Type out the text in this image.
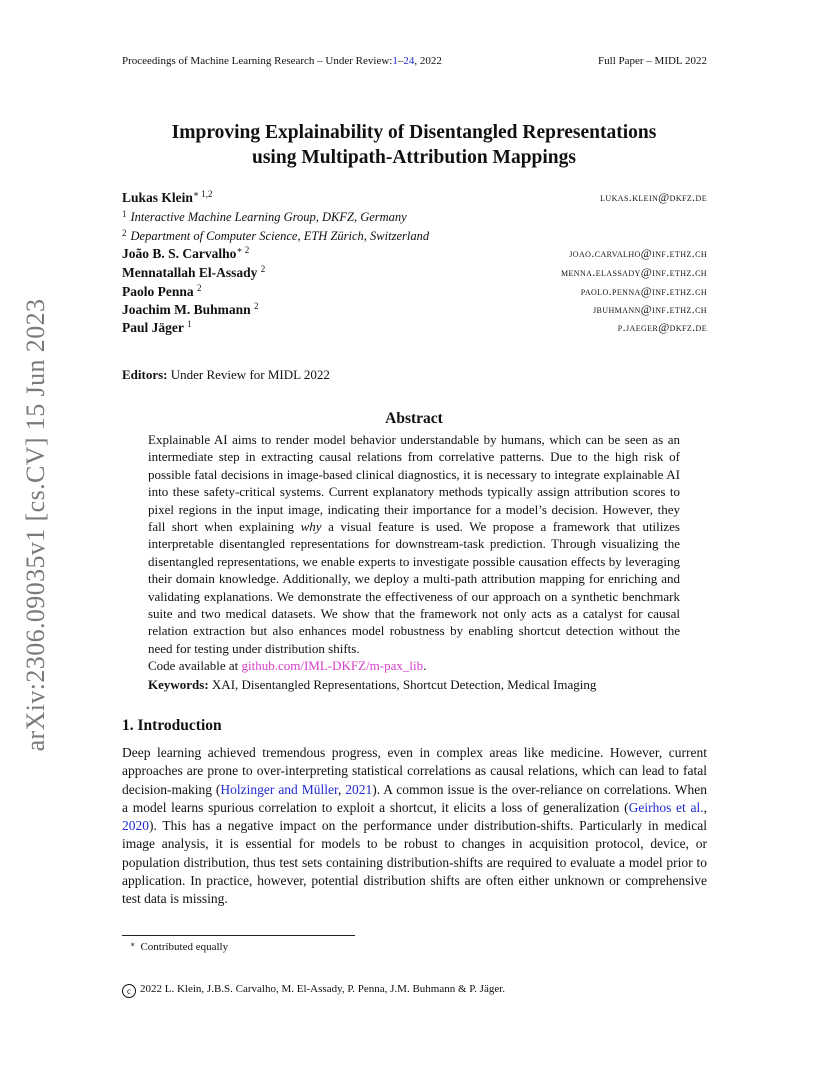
arXiv:2306.09035v1 [cs.CV] 15 Jun 2023
Proceedings of Machine Learning Research – Under Review:1–24, 2022	Full Paper – MIDL 2022
Improving Explainability of Disentangled Representations
using Multipath-Attribution Mappings
Lukas Klein$^{∗ 1,2}$	lukas.klein@dkfz.de
$^1$ Interactive Machine Learning Group, DKFZ, Germany
$^2$ Department of Computer Science, ETH Zürich, Switzerland
João B. S. Carvalho$^{∗ 2}$	joao.carvalho@inf.ethz.ch
Mennatallah El-Assady $^2$	menna.elassady@inf.ethz.ch
Paolo Penna $^2$	paolo.penna@inf.ethz.ch
Joachim M. Buhmann $^2$	jbuhmann@inf.ethz.ch
Paul Jäger $^1$	p.jaeger@dkfz.de
Editors: Under Review for MIDL 2022
Abstract
Explainable AI aims to render model behavior understandable by humans, which can be seen as an intermediate step in extracting causal relations from correlative patterns. Due to the high risk of possible fatal decisions in image-based clinical diagnostics, it is necessary to integrate explainable AI into these safety-critical systems. Current explanatory methods typically assign attribution scores to pixel regions in the input image, indicating their importance for a model’s decision. However, they fall short when explaining why a visual feature is used. We propose a framework that utilizes interpretable disentangled representations for downstream-task prediction. Through visualizing the disentangled representations, we enable experts to investigate possible causation effects by leveraging their domain knowledge. Additionally, we deploy a multi-path attribution mapping for enriching and validating explanations. We demonstrate the effectiveness of our approach on a synthetic benchmark suite and two medical datasets. We show that the framework not only acts as a catalyst for causal relation extraction but also enhances model robustness by enabling shortcut detection without the need for testing under distribution shifts.
Code available at github.com/IML-DKFZ/m-pax_lib.
Keywords: XAI, Disentangled Representations, Shortcut Detection, Medical Imaging
1. Introduction
Deep learning achieved tremendous progress, even in complex areas like medicine. However, current approaches are prone to over-interpreting statistical correlations as causal relations, which can lead to fatal decision-making (Holzinger and Müller, 2021). A common issue is the over-reliance on correlations. When a model learns spurious correlation to exploit a shortcut, it elicits a loss of generalization (Geirhos et al., 2020). This has a negative impact on the performance under distribution-shifts. Particularly in medical image analysis, it is essential for models to be robust to changes in acquisition protocol, device, or population distribution, thus test sets containing distribution-shifts are required to evaluate a model prior to application. In practice, however, potential distribution shifts are often either unknown or comprehensive test data is missing.
∗ Contributed equally
c 2022 L. Klein, J.B.S. Carvalho, M. El-Assady, P. Penna, J.M. Buhmann & P. Jäger.
